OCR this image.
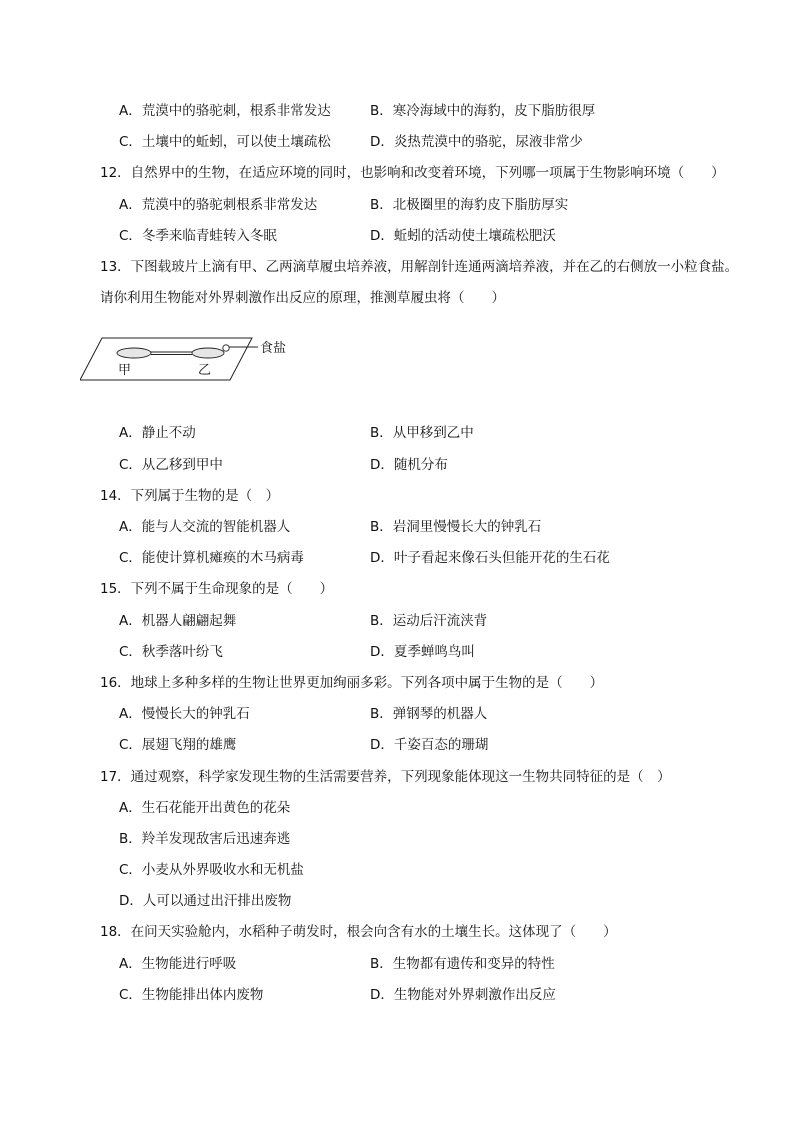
A．荒漠中的骆驼刺，根系非常发达	B．寒冷海域中的海豹，皮下脂肪很厚
C．土壤中的蚯蚓，可以使土壤疏松	D．炎热荒漠中的骆驼，尿液非常少
12．自然界中的生物，在适应环境的同时，也影响和改变着环境，下列哪一项属于生物影响环境（　　）
A．荒漠中的骆驼刺根系非常发达	B．北极圈里的海豹皮下脂肪厚实
C．冬季来临青蛙转入冬眠	D．蚯蚓的活动使土壤疏松肥沃
13．下图载玻片上滴有甲、乙两滴草履虫培养液，用解剖针连通两滴培养液，并在乙的右侧放一小粒食盐。
请你利用生物能对外界刺激作出反应的原理，推测草履虫将（　　）
食盐
甲	乙
A．静止不动	B．从甲移到乙中
C．从乙移到甲中	D．随机分布
14．下列属于生物的是（　）
A．能与人交流的智能机器人	B．岩洞里慢慢长大的钟乳石
C．能使计算机瘫痪的木马病毒	D．叶子看起来像石头但能开花的生石花
15．下列不属于生命现象的是（　　）
A．机器人翩翩起舞	B．运动后汗流浃背
C．秋季落叶纷飞	D．夏季蝉鸣鸟叫
16．地球上多种多样的生物让世界更加绚丽多彩。下列各项中属于生物的是（　　）
A．慢慢长大的钟乳石	B．弹钢琴的机器人
C．展翅飞翔的雄鹰	D．千姿百态的珊瑚
17．通过观察，科学家发现生物的生活需要营养，下列现象能体现这一生物共同特征的是（　）
A．生石花能开出黄色的花朵
B．羚羊发现敌害后迅速奔逃
C．小麦从外界吸收水和无机盐
D．人可以通过出汗排出废物
18．在问天实验舱内，水稻种子萌发时，根会向含有水的土壤生长。这体现了（　　）
A．生物能进行呼吸	B．生物都有遗传和变异的特性
C．生物能排出体内废物	D．生物能对外界刺激作出反应
